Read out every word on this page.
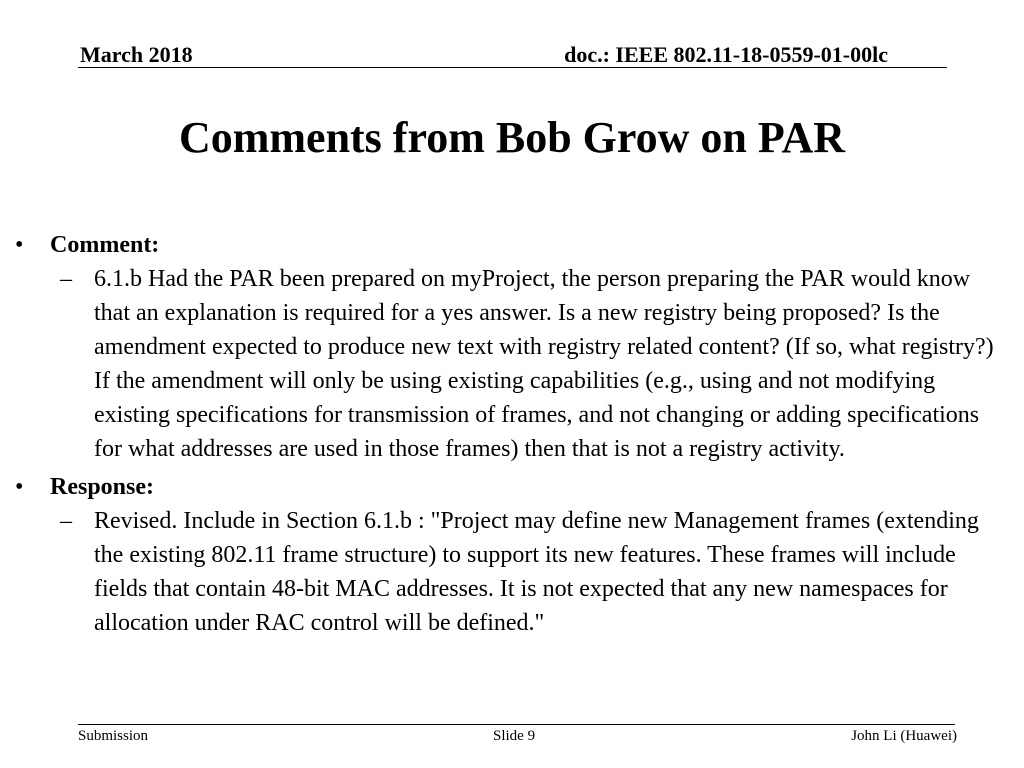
March 2018	doc.: IEEE 802.11-18-0559-01-00lc
Comments from Bob Grow on PAR
• Comment:
– 6.1.b Had the PAR been prepared on myProject, the person preparing the PAR would know that an explanation is required for a yes answer. Is a new registry being proposed? Is the amendment expected to produce new text with registry related content? (If so, what registry?) If the amendment will only be using existing capabilities (e.g., using and not modifying existing specifications for transmission of frames, and not changing or adding specifications for what addresses are used in those frames) then that is not a registry activity.
• Response:
– Revised. Include in Section 6.1.b : "Project may define new Management frames (extending the existing 802.11 frame structure) to support its new features. These frames will include fields that contain 48-bit MAC addresses. It is not expected that any new namespaces for allocation under RAC control will be defined."
Submission	Slide 9	John Li (Huawei)
